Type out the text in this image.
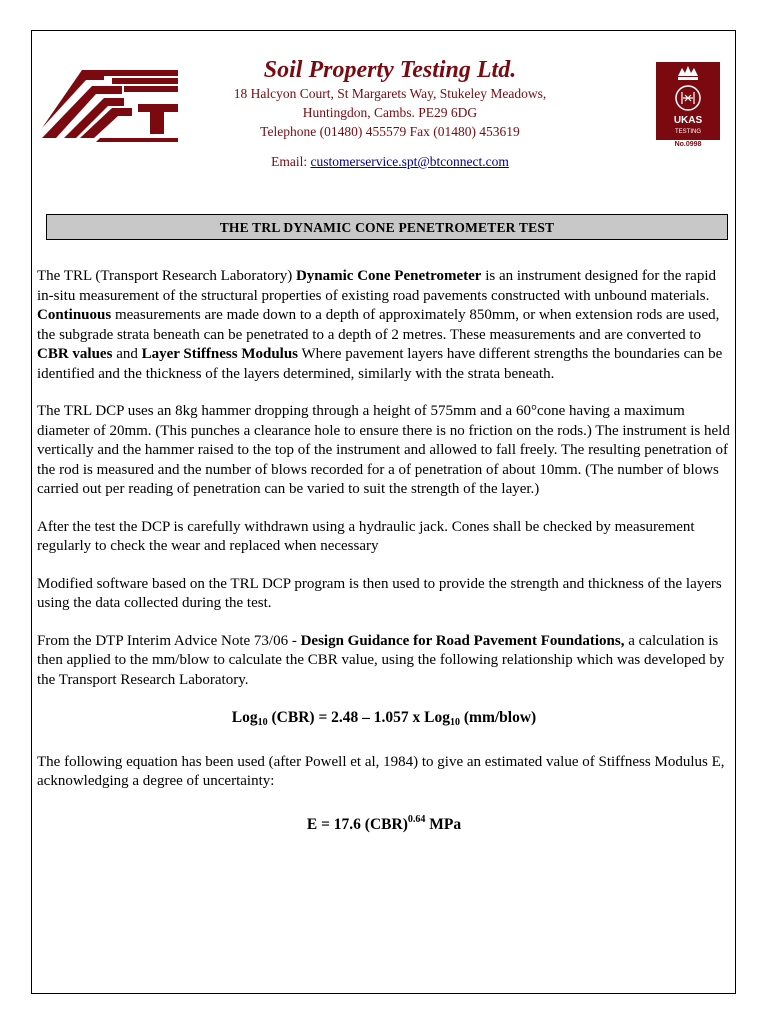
Soil Property Testing Ltd.
18 Halcyon Court, St Margarets Way, Stukeley Meadows,
Huntingdon, Cambs. PE29 6DG
Telephone (01480) 455579 Fax (01480) 453619
Email: customerservice.spt@btconnect.com
UKAS
TESTING
No.0998
THE TRL DYNAMIC CONE PENETROMETER TEST

The TRL (Transport Research Laboratory) Dynamic Cone Penetrometer is an instrument designed for the rapid in-situ measurement of the structural properties of existing road pavements constructed with unbound materials. Continuous measurements are made down to a depth of approximately 850mm, or when extension rods are used, the subgrade strata beneath can be penetrated to a depth of 2 metres. These measurements and are converted to CBR values and Layer Stiffness Modulus Where pavement layers have different strengths the boundaries can be identified and the thickness of the layers determined, similarly with the strata beneath.

The TRL DCP uses an 8kg hammer dropping through a height of 575mm and a 60°cone having a maximum diameter of 20mm. (This punches a clearance hole to ensure there is no friction on the rods.) The instrument is held vertically and the hammer raised to the top of the instrument and allowed to fall freely. The resulting penetration of the rod is measured and the number of blows recorded for a of penetration of about 10mm. (The number of blows carried out per reading of penetration can be varied to suit the strength of the layer.)

After the test the DCP is carefully withdrawn using a hydraulic jack. Cones shall be checked by measurement regularly to check the wear and replaced when necessary

Modified software based on the TRL DCP program is then used to provide the strength and thickness of the layers using the data collected during the test.

From the DTP Interim Advice Note 73/06 - Design Guidance for Road Pavement Foundations, a calculation is then applied to the mm/blow to calculate the CBR value, using the following relationship which was developed by the Transport Research Laboratory.

Log$_{10}$ (CBR) = 2.48 – 1.057 x Log$_{10}$ (mm/blow)

The following equation has been used (after Powell et al, 1984) to give an estimated value of Stiffness Modulus E, acknowledging a degree of uncertainty:

E = 17.6 (CBR)$^{0.64}$ MPa
